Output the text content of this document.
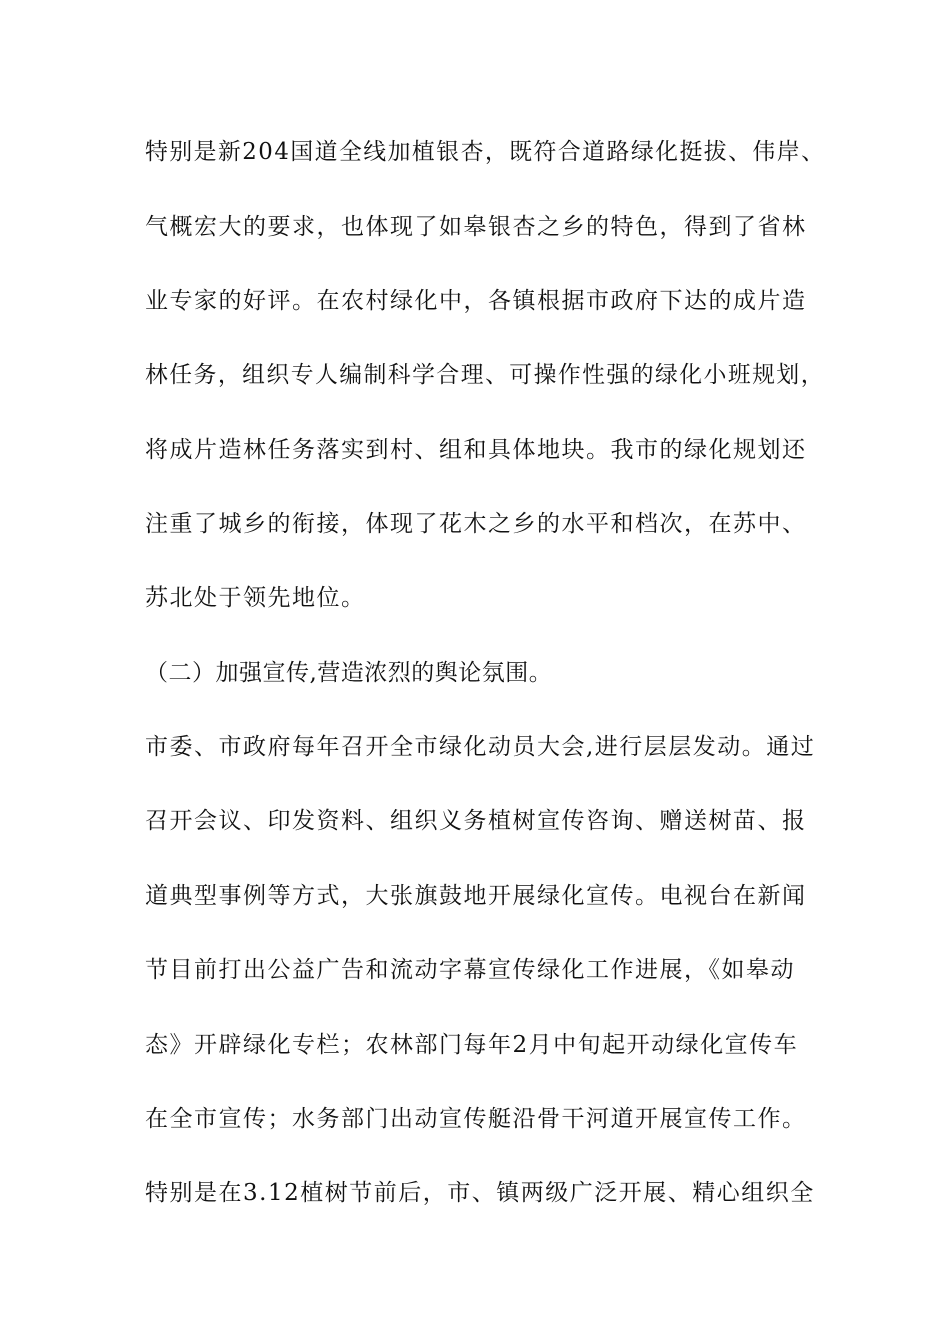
特别是新204国道全线加植银杏，既符合道路绿化挺拔、伟岸、
气概宏大的要求，也体现了如皋银杏之乡的特色，得到了省林
业专家的好评。在农村绿化中，各镇根据市政府下达的成片造
林任务，组织专人编制科学合理、可操作性强的绿化小班规划，
将成片造林任务落实到村、组和具体地块。我市的绿化规划还
注重了城乡的衔接，体现了花木之乡的水平和档次，在苏中、
苏北处于领先地位。
（二）加强宣传,营造浓烈的舆论氛围。
市委、市政府每年召开全市绿化动员大会,进行层层发动。通过
召开会议、印发资料、组织义务植树宣传咨询、赠送树苗、报
道典型事例等方式，大张旗鼓地开展绿化宣传。电视台在新闻
节目前打出公益广告和流动字幕宣传绿化工作进展，《如皋动
态》开辟绿化专栏；农林部门每年2月中旬起开动绿化宣传车
在全市宣传；水务部门出动宣传艇沿骨干河道开展宣传工作。
特别是在3.12植树节前后，市、镇两级广泛开展、精心组织全
